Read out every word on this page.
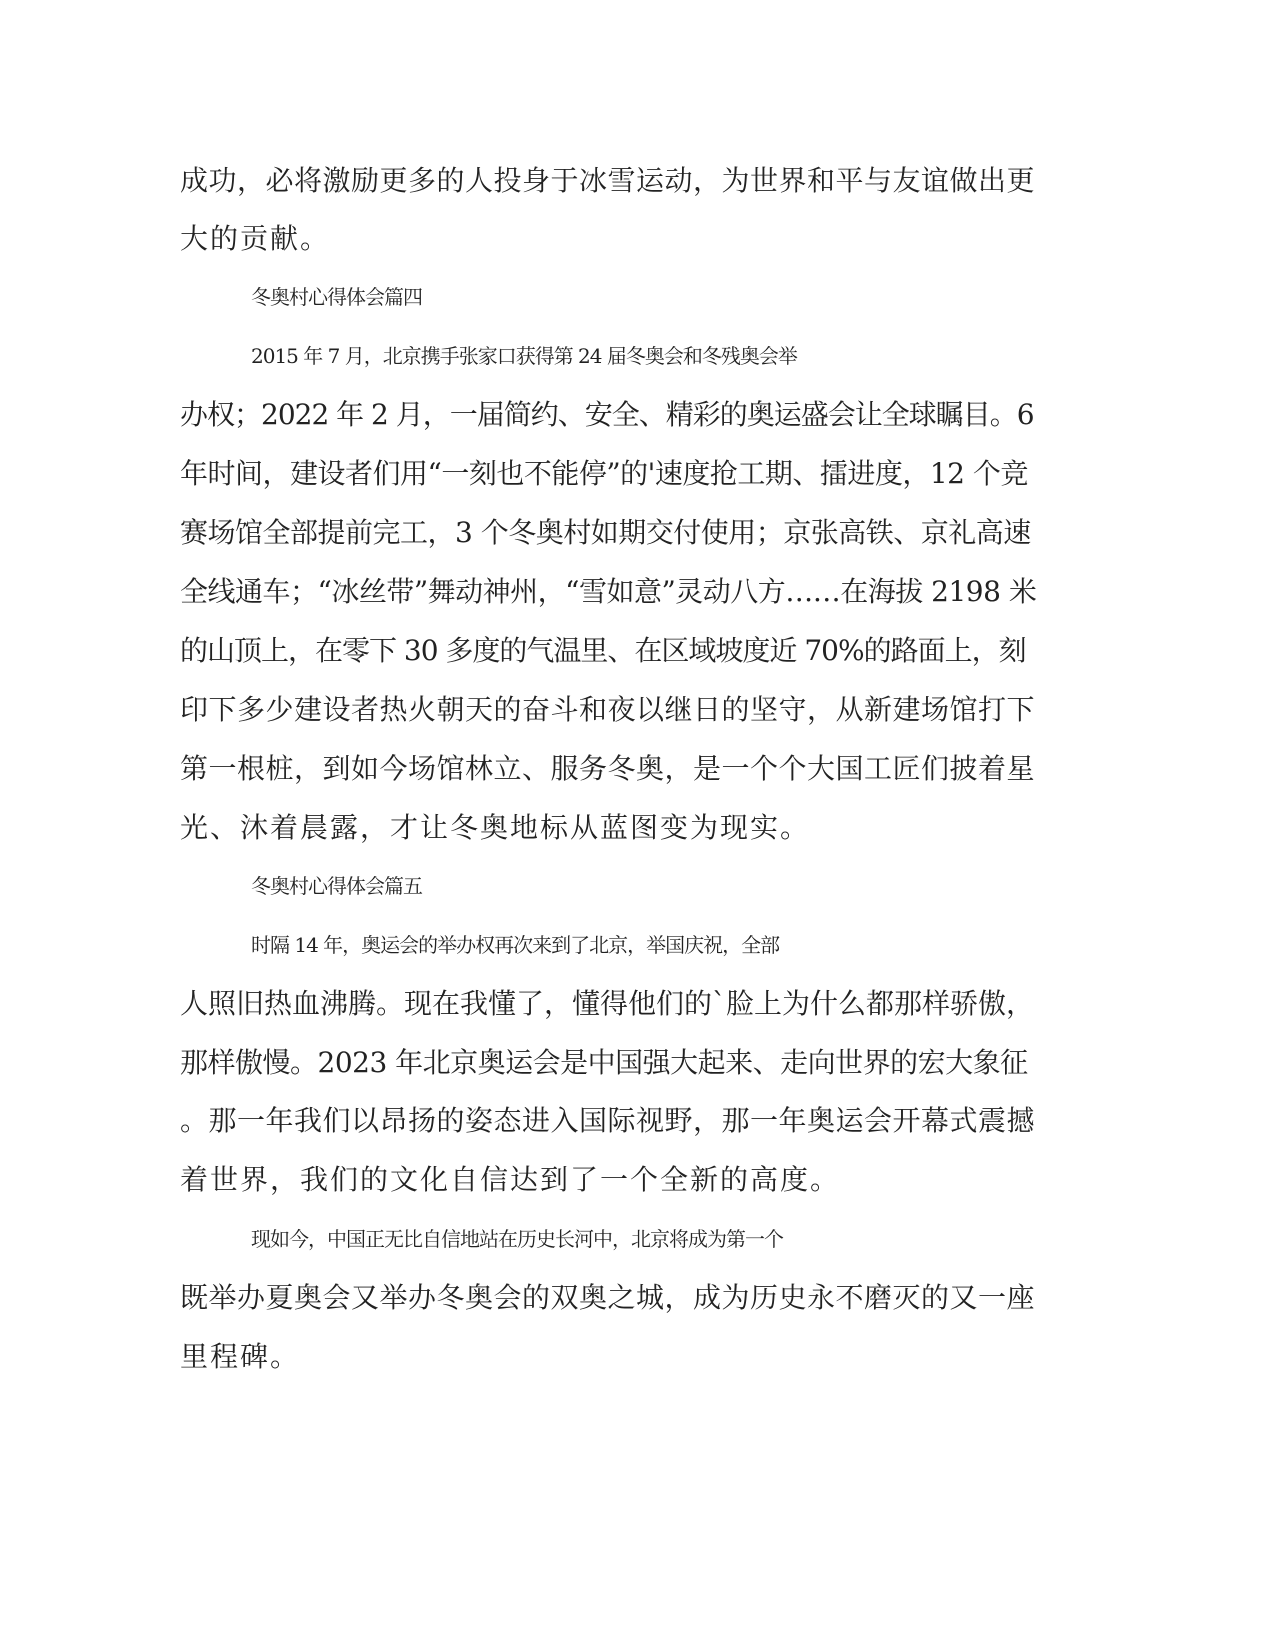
成功，必将激励更多的人投身于冰雪运动，为世界和平与友谊做出更

大的贡献。

冬奥村心得体会篇四

2015 年 7 月，北京携手张家口获得第 24 届冬奥会和冬残奥会举

办权；2022 年 2 月，一届简约、安全、精彩的奥运盛会让全球瞩目。6

年时间，建设者们用“一刻也不能停”的'速度抢工期、擂进度，12 个竞

赛场馆全部提前完工，3 个冬奥村如期交付使用；京张高铁、京礼高速

全线通车；“冰丝带”舞动神州，“雪如意”灵动八方……在海拔 2198 米

的山顶上，在零下 30 多度的气温里、在区域坡度近 70%的路面上，刻

印下多少建设者热火朝天的奋斗和夜以继日的坚守，从新建场馆打下

第一根桩，到如今场馆林立、服务冬奥，是一个个大国工匠们披着星

光、沐着晨露，才让冬奥地标从蓝图变为现实。

冬奥村心得体会篇五

时隔 14 年，奥运会的举办权再次来到了北京，举国庆祝，全部

人照旧热血沸腾。现在我懂了，懂得他们的`脸上为什么都那样骄傲，

那样傲慢。2023 年北京奥运会是中国强大起来、走向世界的宏大象征

。那一年我们以昂扬的姿态进入国际视野，那一年奥运会开幕式震撼

着世界，我们的文化自信达到了一个全新的高度。

现如今，中国正无比自信地站在历史长河中，北京将成为第一个

既举办夏奥会又举办冬奥会的双奥之城，成为历史永不磨灭的又一座

里程碑。
